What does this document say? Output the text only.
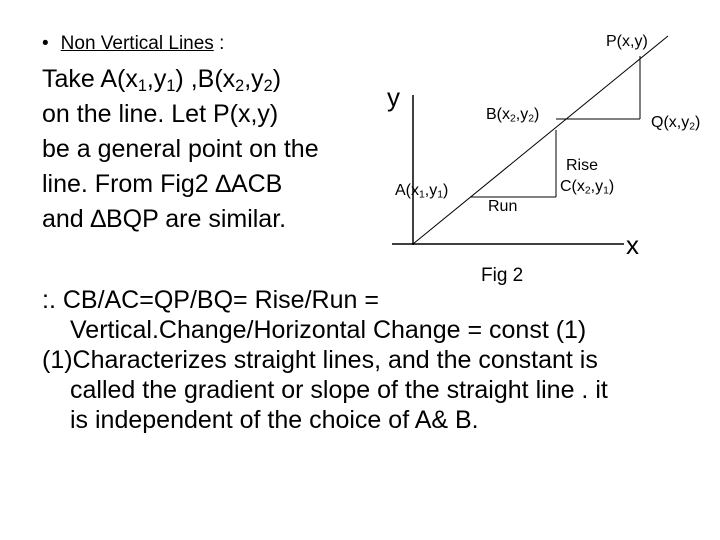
• Non Vertical Lines :
Take $A(x_1,y_1)$ $,B(x_2,y_2)$
on the line. Let P(x,y)
be a general point on the
line. From Fig2 ∆ACB
and ∆BQP are similar.
y
x
P(x,y)
$B(x_2,y_2)$	$Q(x,y_2)$
Rise
$C(x_2,y_1)$
$A(x_1,y_1)$
Run
Fig 2
:. CB/AC=QP/BQ= Rise/Run =
Vertical.Change/Horizontal Change = const (1)
(1)Characterizes straight lines, and the constant is
called the gradient or slope of the straight line . it
is independent of the choice of A& B.
